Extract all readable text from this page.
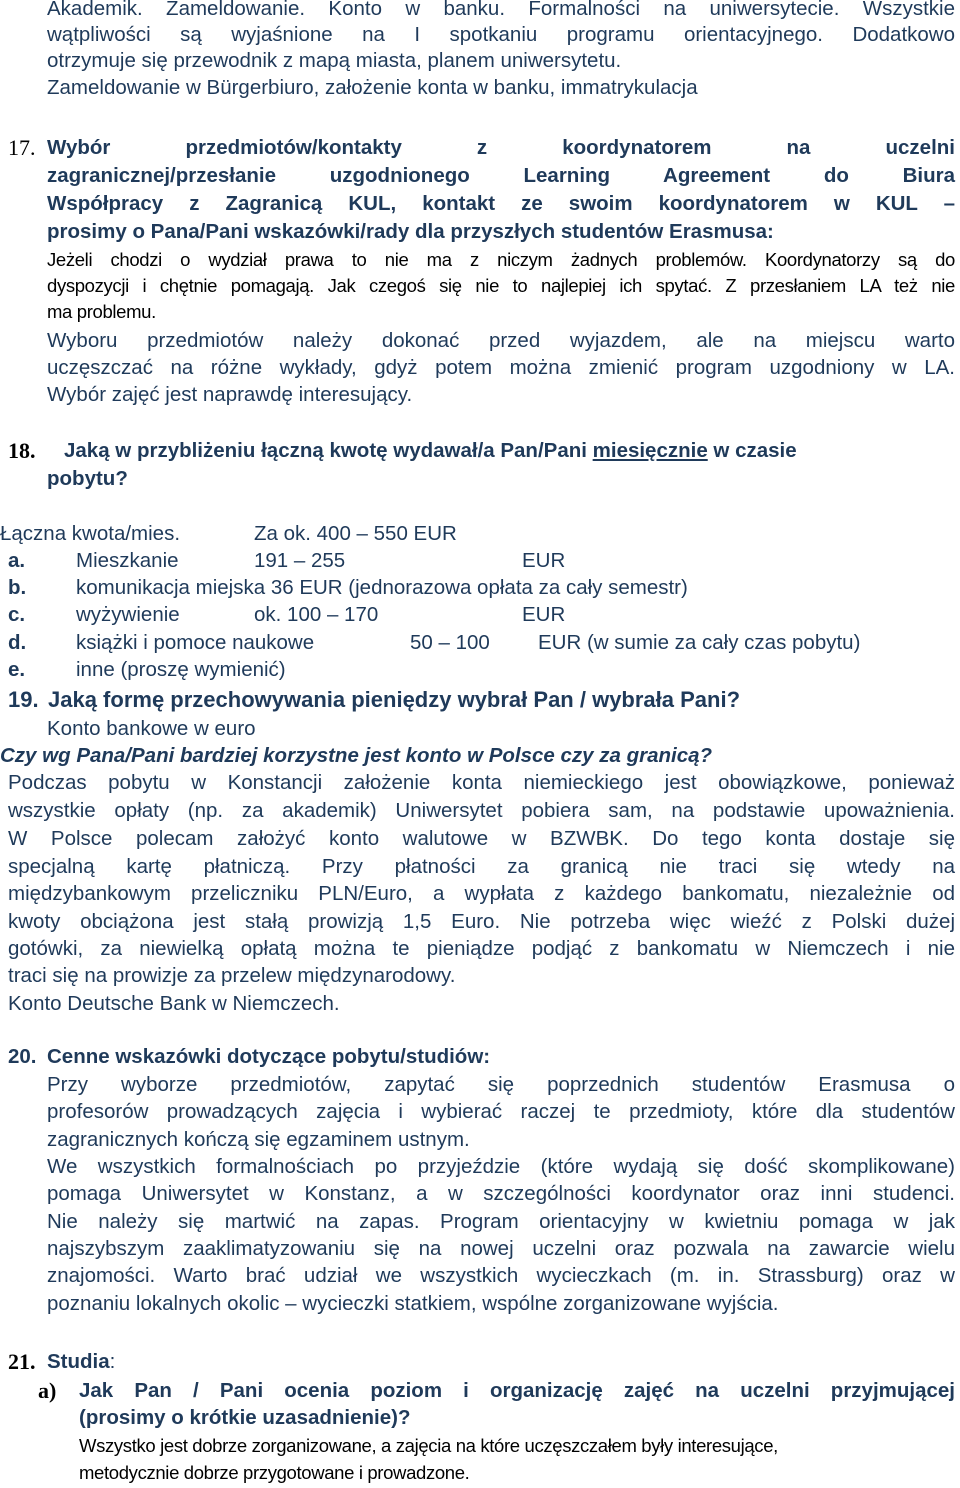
Akademik. Zameldowanie. Konto w banku. Formalności na uniwersytecie. Wszystkie
wątpliwości są wyjaśnione na I spotkaniu programu orientacyjnego. Dodatkowo
otrzymuje się przewodnik z mapą miasta, planem uniwersytetu.
Zameldowanie w Bürgerbiuro, założenie konta w banku, immatrykulacja
17. Wybór przedmiotów/kontakty z koordynatorem na uczelni
zagranicznej/przesłanie uzgodnionego Learning Agreement do Biura
Współpracy z Zagranicą KUL, kontakt ze swoim koordynatorem w KUL –
prosimy o Pana/Pani wskazówki/rady dla przyszłych studentów Erasmusa:
Jeżeli chodzi o wydział prawa to nie ma z niczym żadnych problemów. Koordynatorzy są do
dyspozycji i chętnie pomagają. Jak czegoś się nie to najlepiej ich spytać. Z przesłaniem LA też nie
ma problemu.
Wyboru przedmiotów należy dokonać przed wyjazdem, ale na miejscu warto
uczęszczać na różne wykłady, gdyż potem można zmienić program uzgodniony w LA.
Wybór zajęć jest naprawdę interesujący.
18. Jaką w przybliżeniu łączną kwotę wydawał/a Pan/Pani miesięcznie w czasie
pobytu?
Łączna kwota/mies.	Za ok. 400 – 550 EUR
a. Mieszkanie	191 – 255	EUR
b. komunikacja miejska 36 EUR (jednorazowa opłata za cały semestr)
c. wyżywienie	ok. 100 – 170	EUR
d. książki i pomoce naukowe	50 – 100 EUR (w sumie za cały czas pobytu)
e. inne (proszę wymienić)
19. Jaką formę przechowywania pieniędzy wybrał Pan / wybrała Pani?
Konto bankowe w euro
Czy wg Pana/Pani bardziej korzystne jest konto w Polsce czy za granicą?
Podczas pobytu w Konstancji założenie konta niemieckiego jest obowiązkowe, ponieważ
wszystkie opłaty (np. za akademik) Uniwersytet pobiera sam, na podstawie upoważnienia.
W Polsce polecam założyć konto walutowe w BZWBK. Do tego konta dostaje się
specjalną kartę płatniczą. Przy płatności za granicą nie traci się wtedy na
międzybankowym przeliczniku PLN/Euro, a wypłata z każdego bankomatu, niezależnie od
kwoty obciążona jest stałą prowizją 1,5 Euro. Nie potrzeba więc wieźć z Polski dużej
gotówki, za niewielką opłatą można te pieniądze podjąć z bankomatu w Niemczech i nie
traci się na prowizje za przelew międzynarodowy.
Konto Deutsche Bank w Niemczech.
20. Cenne wskazówki dotyczące pobytu/studiów:
Przy wyborze przedmiotów, zapytać się poprzednich studentów Erasmusa o
profesorów prowadzących zajęcia i wybierać raczej te przedmioty, które dla studentów
zagranicznych kończą się egzaminem ustnym.
We wszystkich formalnościach po przyjeździe (które wydają się dość skomplikowane)
pomaga Uniwersytet w Konstanz, a w szczególności koordynator oraz inni studenci.
Nie należy się martwić na zapas. Program orientacyjny w kwietniu pomaga w jak
najszybszym zaaklimatyzowaniu się na nowej uczelni oraz pozwala na zawarcie wielu
znajomości. Warto brać udział we wszystkich wycieczkach (m. in. Strassburg) oraz w
poznaniu lokalnych okolic – wycieczki statkiem, wspólne zorganizowane wyjścia.
21. Studia:
a) Jak Pan / Pani ocenia poziom i organizację zajęć na uczelni przyjmującej
(prosimy o krótkie uzasadnienie)?
Wszystko jest dobrze zorganizowane, a zajęcia na które uczęszczałem były interesujące,
metodycznie dobrze przygotowane i prowadzone.
